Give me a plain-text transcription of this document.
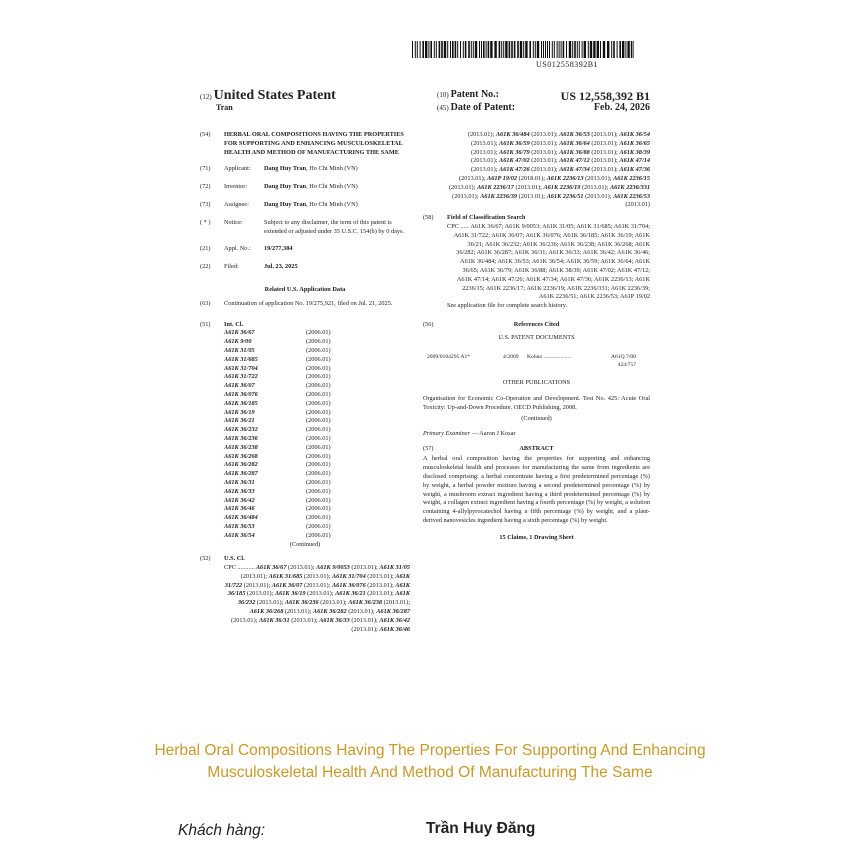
US012558392B1
(12) United States Patent
Tran
(10) Patent No.:	US 12,558,392 B1
(45) Date of Patent:	Feb. 24, 2026
(54) HERBAL ORAL COMPOSITIONS HAVING THE PROPERTIES FOR SUPPORTING AND ENHANCING MUSCULOSKELETAL HEALTH AND METHOD OF MANUFACTURING THE SAME
(71) Applicant: Dang Huy Tran, Ho Chi Minh (VN)
(72) Inventor:	Dang Huy Tran, Ho Chi Minh (VN)
(73) Assignee: Dang Huy Tran, Ho Chi Minh (VN)
( * ) Notice:	Subject to any disclaimer, the term of this patent is extended or adjusted under 35 U.S.C. 154(b) by 0 days.
(21) Appl. No.: 19/277,384
(22) Filed:	Jul. 23, 2025
Related U.S. Application Data
(63) Continuation of application No. 19/275,921, filed on Jul. 21, 2025.
(51) Int. Cl.
A61K 36/67	(2006.01)
A61K 9/00	(2006.01)
A61K 31/05	(2006.01)
A61K 31/685	(2006.01)
A61K 31/704	(2006.01)
A61K 31/722	(2006.01)
A61K 36/07	(2006.01)
A61K 36/076	(2006.01)
A61K 36/185	(2006.01)
A61K 36/19	(2006.01)
A61K 36/21	(2006.01)
A61K 36/232	(2006.01)
A61K 36/236	(2006.01)
A61K 36/238	(2006.01)
A61K 36/268	(2006.01)
A61K 36/282	(2006.01)
A61K 36/287	(2006.01)
A61K 36/31	(2006.01)
A61K 36/33	(2006.01)
A61K 36/42	(2006.01)
A61K 36/46	(2006.01)
A61K 36/484	(2006.01)
A61K 36/53	(2006.01)
A61K 36/54	(2006.01)
(Continued)
(52) U.S. Cl.
CPC ........... A61K 36/67 (2013.01); A61K 9/0053 (2013.01); A61K 31/05 (2013.01); A61K 31/685 (2013.01); A61K 31/704 (2013.01); A61K 31/722 (2013.01); A61K 36/07 (2013.01); A61K 36/076 (2013.01); A61K 36/185 (2013.01); A61K 36/19 (2013.01); A61K 36/21 (2013.01); A61K 36/232 (2013.01); A61K 36/236 (2013.01); A61K 36/238 (2013.01); A61K 36/268 (2013.01); A61K 36/282 (2013.01); A61K 36/287 (2013.01); A61K 36/31 (2013.01); A61K 36/33 (2013.01); A61K 36/42 (2013.01); A61K 36/46
(2013.01); A61K 36/484 (2013.01); A61K 36/53 (2013.01); A61K 36/54 (2013.01); A61K 36/59 (2013.01); A61K 36/64 (2013.01); A61K 36/65 (2013.01); A61K 36/79 (2013.01); A61K 36/88 (2013.01); A61K 38/39 (2013.01); A61K 47/02 (2013.01); A61K 47/12 (2013.01); A61K 47/14 (2013.01); A61K 47/26 (2013.01); A61K 47/34 (2013.01); A61K 47/36 (2013.01); A61P 19/02 (2018.01); A61K 2236/13 (2013.01); A61K 2236/15 (2013.01); A61K 2236/17 (2013.01); A61K 2236/19 (2013.01); A61K 2236/331 (2013.01); A61K 2236/39 (2013.01); A61K 2236/51 (2013.01); A61K 2236/53 (2013.01)
(58) Field of Classification Search
CPC ..... A61K 36/67; A61K 9/0053; A61K 31/05; A61K 31/685; A61K 31/704; A61K 31/722; A61K 36/07; A61K 36/076; A61K 36/185; A61K 36/19; A61K 36/21; A61K 36/232; A61K 36/236; A61K 36/238; A61K 36/268; A61K 36/282; A61K 36/287; A61K 36/31; A61K 36/33; A61K 36/42; A61K 36/46; A61K 36/484; A61K 36/53; A61K 36/54; A61K 36/59; A61K 36/64; A61K 36/65; A61K 36/79; A61K 36/88; A61K 38/39; A61K 47/02; A61K 47/12; A61K 47/14; A61K 47/26; A61K 47/34; A61K 47/36; A61K 2236/13; A61K 2236/15; A61K 2236/17; A61K 2236/19; A61K 2236/331; A61K 2236/39; A61K 2236/51; A61K 2236/53; A61P 19/02
See application file for complete search history.
(56)	References Cited
U.S. PATENT DOCUMENTS
2009/0104295 A1*	4/2009 Kohno ....................	A61Q 7/00
424/757
OTHER PUBLICATIONS
Organisation for Economic Co-Operation and Development. Test No. 425: Acute Oral Toxicity: Up-and-Down Procedure. OECD Publishing, 2008.
(Continued)
Primary Examiner — Aaron J Kosar
(57)	ABSTRACT
A herbal oral composition having the properties for supporting and enhancing musculoskeletal health and processes for manufacturing the same from ingredients are disclosed comprising: a herbal concentrate having a first predetermined percentage (%) by weight, a herbal powder mixture having a second predetermined percentage (%) by weight, a mushroom extract ingredient having a third predetermined percentage (%) by weight, a collagen extract ingredient having a fourth percentage (%) by weight, a solution containing 4-allylpyrocatechol having a fifth percentage (%) by weight, and a plant-derived nanovesicles ingredient having a sixth percentage (%) by weight.
15 Claims, 1 Drawing Sheet
Herbal Oral Compositions Having The Properties For Supporting And Enhancing
Musculoskeletal Health And Method Of Manufacturing The Same
Khách hàng:	Trần Huy Đăng
